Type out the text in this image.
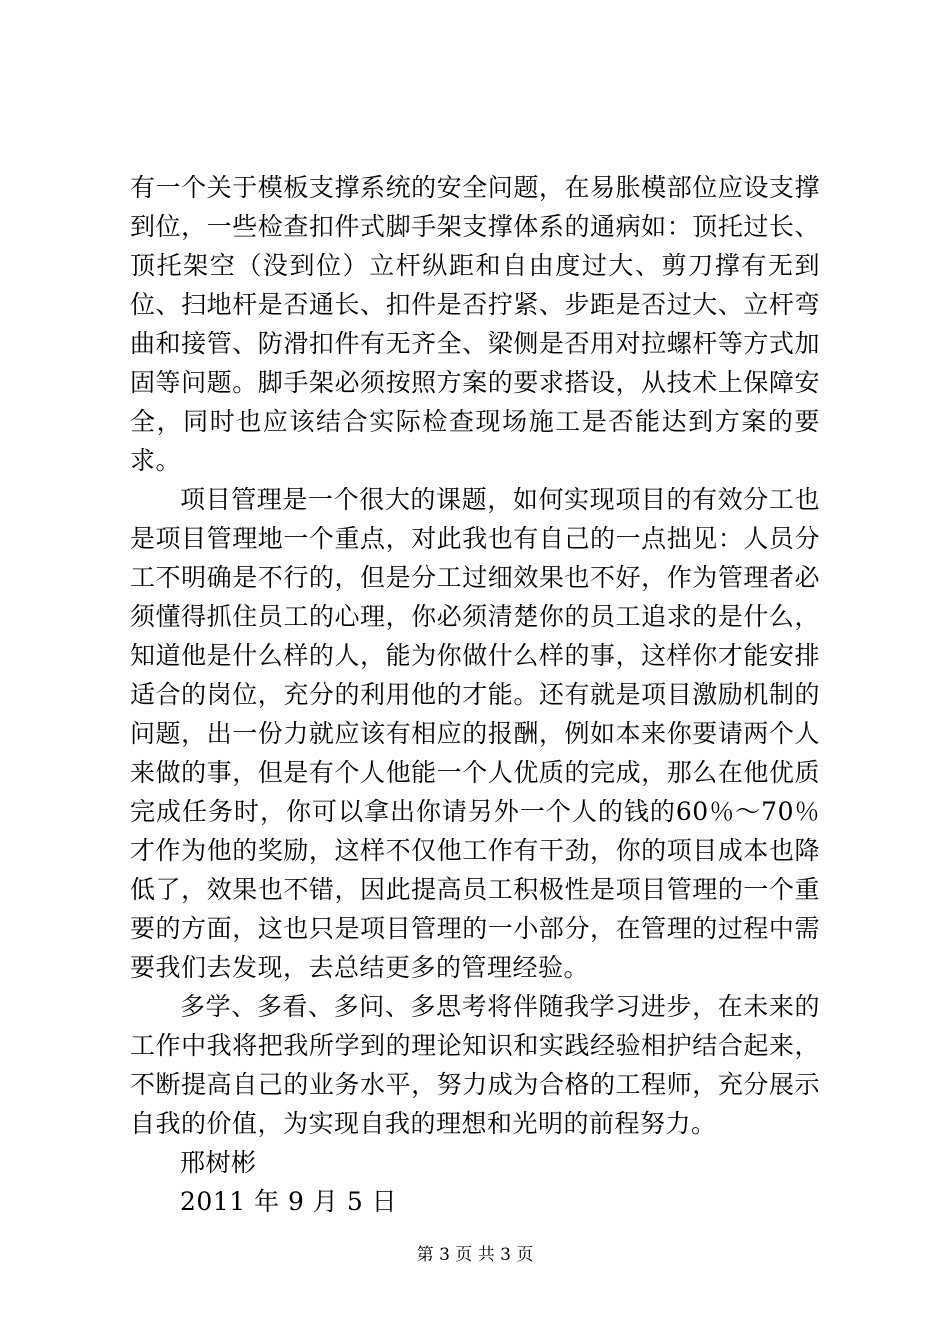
有一个关于模板支撑系统的安全问题，在易胀模部位应设支撑到位，一些检查扣件式脚手架支撑体系的通病如：顶托过长、顶托架空（没到位）立杆纵距和自由度过大、剪刀撑有无到位、扫地杆是否通长、扣件是否拧紧、步距是否过大、立杆弯曲和接管、防滑扣件有无齐全、梁侧是否用对拉螺杆等方式加固等问题。脚手架必须按照方案的要求搭设，从技术上保障安全，同时也应该结合实际检查现场施工是否能达到方案的要求。

项目管理是一个很大的课题，如何实现项目的有效分工也是项目管理地一个重点，对此我也有自己的一点拙见：人员分工不明确是不行的，但是分工过细效果也不好，作为管理者必须懂得抓住员工的心理，你必须清楚你的员工追求的是什么，知道他是什么样的人，能为你做什么样的事，这样你才能安排适合的岗位，充分的利用他的才能。还有就是项目激励机制的问题，出一份力就应该有相应的报酬，例如本来你要请两个人来做的事，但是有个人他能一个人优质的完成，那么在他优质完成任务时，你可以拿出你请另外一个人的钱的60％～70％才作为他的奖励，这样不仅他工作有干劲，你的项目成本也降低了，效果也不错，因此提高员工积极性是项目管理的一个重要的方面，这也只是项目管理的一小部分，在管理的过程中需要我们去发现，去总结更多的管理经验。

多学、多看、多问、多思考将伴随我学习进步，在未来的工作中我将把我所学到的理论知识和实践经验相护结合起来，不断提高自己的业务水平，努力成为合格的工程师，充分展示自我的价值，为实现自我的理想和光明的前程努力。

邢树彬

2011 年 9 月 5 日

第 3 页 共 3 页
